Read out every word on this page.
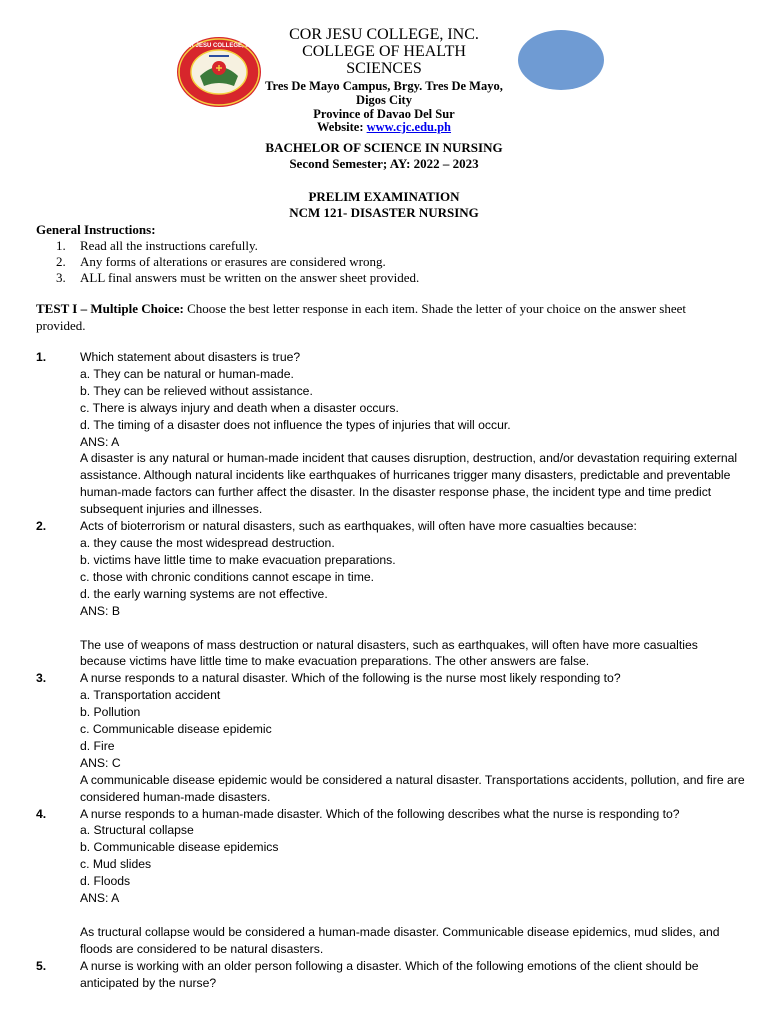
COR JESU COLLEGE, INC.
COR JESU COLLEGE, INC.
COLLEGE OF HEALTH
SCIENCES
Tres De Mayo Campus, Brgy. Tres De Mayo,
Digos City
Province of Davao Del Sur
Website: www.cjc.edu.ph
BACHELOR OF SCIENCE IN NURSING
Second Semester; AY: 2022 – 2023
PRELIM EXAMINATION
NCM 121- DISASTER NURSING
General Instructions:
1. Read all the instructions carefully.
2. Any forms of alterations or erasures are considered wrong.
3. ALL final answers must be written on the answer sheet provided.
TEST I – Multiple Choice: Choose the best letter response in each item. Shade the letter of your choice on the answer sheet provided.
1.	Which statement about disasters is true?
a. They can be natural or human-made.
b. They can be relieved without assistance.
c. There is always injury and death when a disaster occurs.
d. The timing of a disaster does not influence the types of injuries that will occur.
ANS: A
A disaster is any natural or human-made incident that causes disruption, destruction, and/or devastation requiring external assistance. Although natural incidents like earthquakes of hurricanes trigger many disasters, predictable and preventable human-made factors can further affect the disaster. In the disaster response phase, the incident type and time predict subsequent injuries and illnesses.
2.	Acts of bioterrorism or natural disasters, such as earthquakes, will often have more casualties because:
a. they cause the most widespread destruction.
b. victims have little time to make evacuation preparations.
c. those with chronic conditions cannot escape in time.
d. the early warning systems are not effective.
ANS: B
The use of weapons of mass destruction or natural disasters, such as earthquakes, will often have more casualties because victims have little time to make evacuation preparations. The other answers are false.
3.	A nurse responds to a natural disaster. Which of the following is the nurse most likely responding to?
a. Transportation accident
b. Pollution
c. Communicable disease epidemic
d. Fire
ANS: C
A communicable disease epidemic would be considered a natural disaster. Transportations accidents, pollution, and fire are considered human-made disasters.
4.	A nurse responds to a human-made disaster. Which of the following describes what the nurse is responding to?
a. Structural collapse
b. Communicable disease epidemics
c. Mud slides
d. Floods
ANS: A
As tructural collapse would be considered a human-made disaster. Communicable disease epidemics, mud slides, and floods are considered to be natural disasters.
5.	A nurse is working with an older person following a disaster. Which of the following emotions of the client should be anticipated by the nurse?
